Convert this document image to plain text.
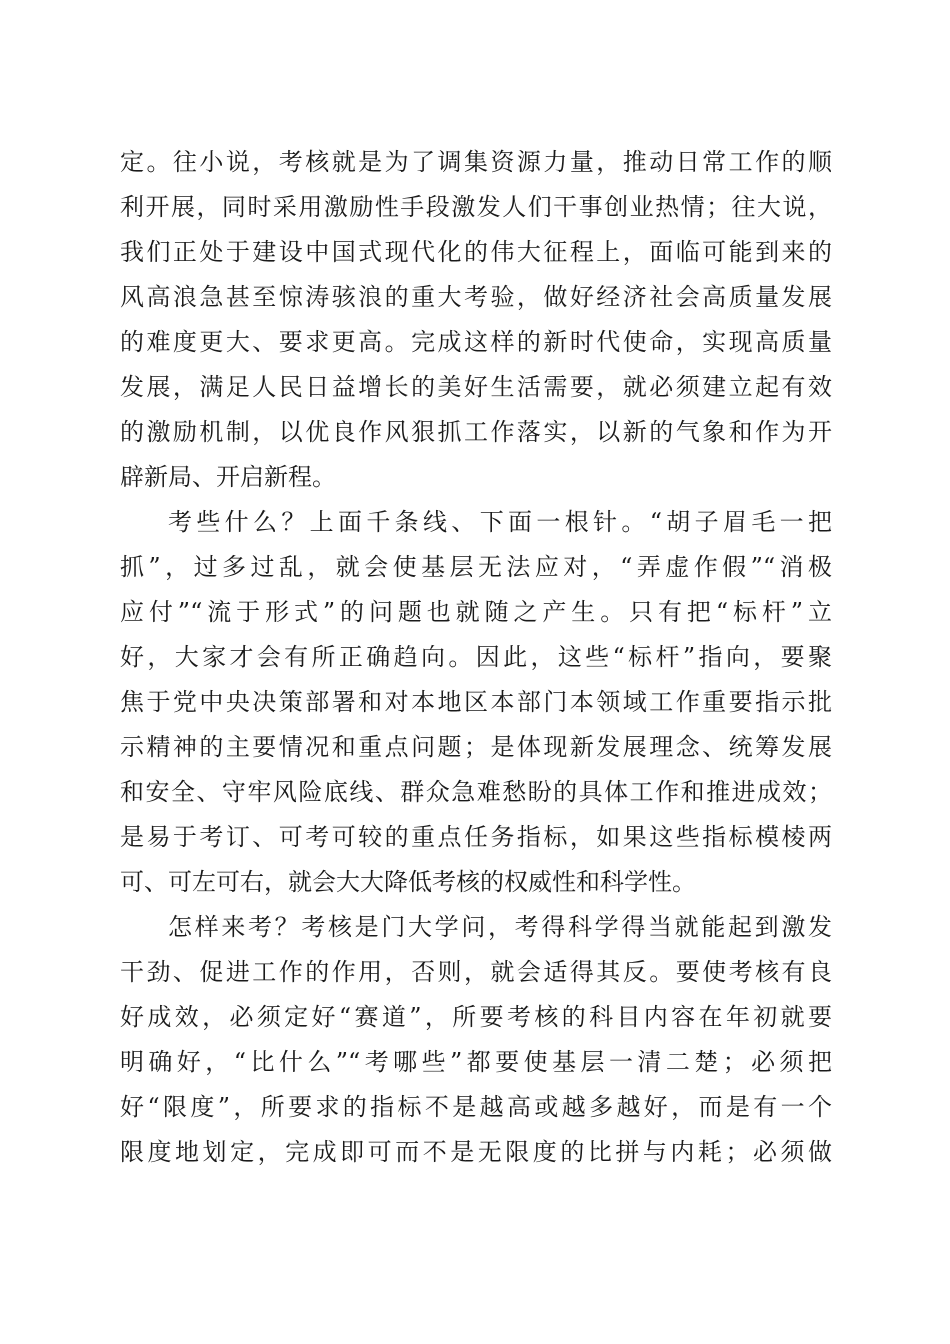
定。往小说，考核就是为了调集资源力量，推动日常工作的顺
利开展，同时采用激励性手段激发人们干事创业热情；往大说，
我们正处于建设中国式现代化的伟大征程上，面临可能到来的
风高浪急甚至惊涛骇浪的重大考验，做好经济社会高质量发展
的难度更大、要求更高。完成这样的新时代使命，实现高质量
发展，满足人民日益增长的美好生活需要，就必须建立起有效
的激励机制，以优良作风狠抓工作落实，以新的气象和作为开
辟新局、开启新程。
考些什么？上面千条线、下面一根针。“胡子眉毛一把
抓”，过多过乱，就会使基层无法应对，“弄虚作假”“消极
应付”“流于形式”的问题也就随之产生。只有把“标杆”立
好，大家才会有所正确趋向。因此，这些“标杆”指向，要聚
焦于党中央决策部署和对本地区本部门本领域工作重要指示批
示精神的主要情况和重点问题；是体现新发展理念、统筹发展
和安全、守牢风险底线、群众急难愁盼的具体工作和推进成效；
是易于考订、可考可较的重点任务指标，如果这些指标模棱两
可、可左可右，就会大大降低考核的权威性和科学性。
怎样来考？考核是门大学问，考得科学得当就能起到激发
干劲、促进工作的作用，否则，就会适得其反。要使考核有良
好成效，必须定好“赛道”，所要考核的科目内容在年初就要
明确好，“比什么”“考哪些”都要使基层一清二楚；必须把
好“限度”，所要求的指标不是越高或越多越好，而是有一个
限度地划定，完成即可而不是无限度的比拼与内耗；必须做
